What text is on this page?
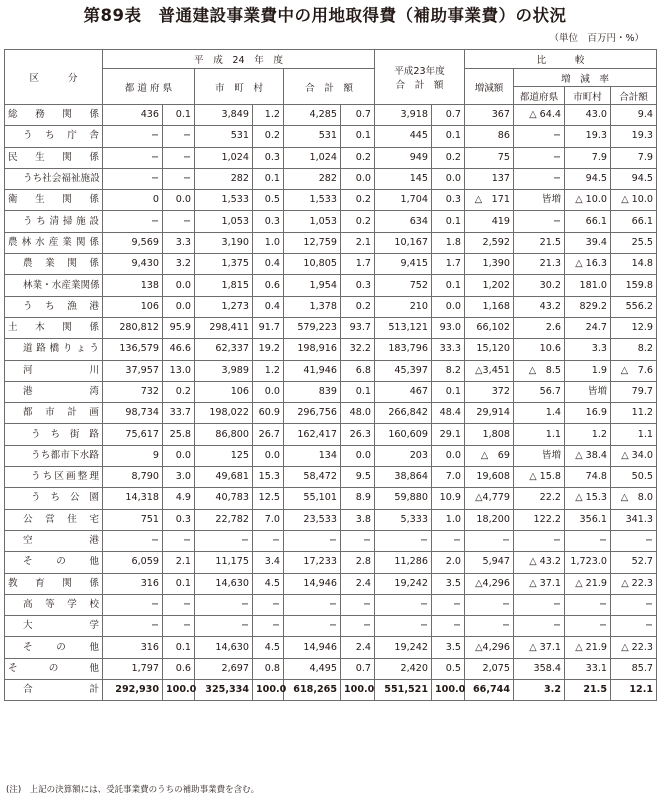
第89表　普通建設事業費中の用地取得費（補助事業費）の状況
（単位　百万円・%）
区　　　分	平　成　24　年　度						平成23年度
合　計　額		比　　　較			
	都 道 府 県		市　町　村		合　計　額				増減額	増　減　率		
										都道府県	市町村	合計額
総務関係	436	0.1	3,849	1.2	4,285	0.7	3,918	0.7	367	△ 64.4	43.0	9.4
うち庁舎	−	−	531	0.2	531	0.1	445	0.1	86	−	19.3	19.3
民生関係	−	−	1,024	0.3	1,024	0.2	949	0.2	75	−	7.9	7.9
うち社会福祉施設	−	−	282	0.1	282	0.0	145	0.0	137	−	94.5	94.5
衛生関係	0	0.0	1,533	0.5	1,533	0.2	1,704	0.3	△　171	皆増	△ 10.0	△ 10.0
うち清掃施設	−	−	1,053	0.3	1,053	0.2	634	0.1	419	−	66.1	66.1
農林水産業関係	9,569	3.3	3,190	1.0	12,759	2.1	10,167	1.8	2,592	21.5	39.4	25.5
農業関係	9,430	3.2	1,375	0.4	10,805	1.7	9,415	1.7	1,390	21.3	△ 16.3	14.8
林業・水産業関係	138	0.0	1,815	0.6	1,954	0.3	752	0.1	1,202	30.2	181.0	159.8
うち漁港	106	0.0	1,273	0.4	1,378	0.2	210	0.0	1,168	43.2	829.2	556.2
土木関係	280,812	95.9	298,411	91.7	579,223	93.7	513,121	93.0	66,102	2.6	24.7	12.9
道路橋りょう	136,579	46.6	62,337	19.2	198,916	32.2	183,796	33.3	15,120	10.6	3.3	8.2
河川	37,957	13.0	3,989	1.2	41,946	6.8	45,397	8.2	△3,451	△　8.5	1.9	△　7.6
港湾	732	0.2	106	0.0	839	0.1	467	0.1	372	56.7	皆増	79.7
都市計画	98,734	33.7	198,022	60.9	296,756	48.0	266,842	48.4	29,914	1.4	16.9	11.2
うち街路	75,617	25.8	86,800	26.7	162,417	26.3	160,609	29.1	1,808	1.1	1.2	1.1
うち都市下水路	9	0.0	125	0.0	134	0.0	203	0.0	△　69	皆増	△ 38.4	△ 34.0
うち区画整理	8,790	3.0	49,681	15.3	58,472	9.5	38,864	7.0	19,608	△ 15.8	74.8	50.5
うち公園	14,318	4.9	40,783	12.5	55,101	8.9	59,880	10.9	△4,779	22.2	△ 15.3	△　8.0
公営住宅	751	0.3	22,782	7.0	23,533	3.8	5,333	1.0	18,200	122.2	356.1	341.3
空港	−	−	−	−	−	−	−	−	−	−	−	−
その他	6,059	2.1	11,175	3.4	17,233	2.8	11,286	2.0	5,947	△ 43.2	1,723.0	52.7
教育関係	316	0.1	14,630	4.5	14,946	2.4	19,242	3.5	△4,296	△ 37.1	△ 21.9	△ 22.3
高等学校	−	−	−	−	−	−	−	−	−	−	−	−
大学	−	−	−	−	−	−	−	−	−	−	−	−
その他	316	0.1	14,630	4.5	14,946	2.4	19,242	3.5	△4,296	△ 37.1	△ 21.9	△ 22.3
その他	1,797	0.6	2,697	0.8	4,495	0.7	2,420	0.5	2,075	358.4	33.1	85.7
合計	292,930	100.0	325,334	100.0	618,265	100.0	551,521	100.0	66,744	3.2	21.5	12.1
(注)　上記の決算額には、受託事業費のうちの補助事業費を含む。
